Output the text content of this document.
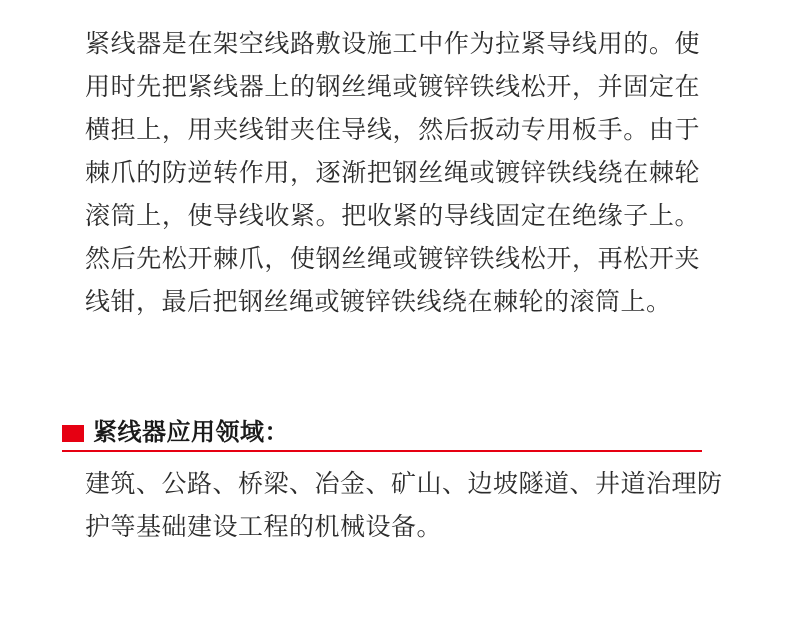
紧线器是在架空线路敷设施工中作为拉紧导线用的。使用时先把紧线器上的钢丝绳或镀锌铁线松开，并固定在横担上，用夹线钳夹住导线，然后扳动专用板手。由于棘爪的防逆转作用，逐渐把钢丝绳或镀锌铁线绕在棘轮滚筒上，使导线收紧。把收紧的导线固定在绝缘子上。然后先松开棘爪，使钢丝绳或镀锌铁线松开，再松开夹线钳，最后把钢丝绳或镀锌铁线绕在棘轮的滚筒上。

紧线器应用领域：

建筑、公路、桥梁、冶金、矿山、边坡隧道、井道治理防护等基础建设工程的机械设备。
